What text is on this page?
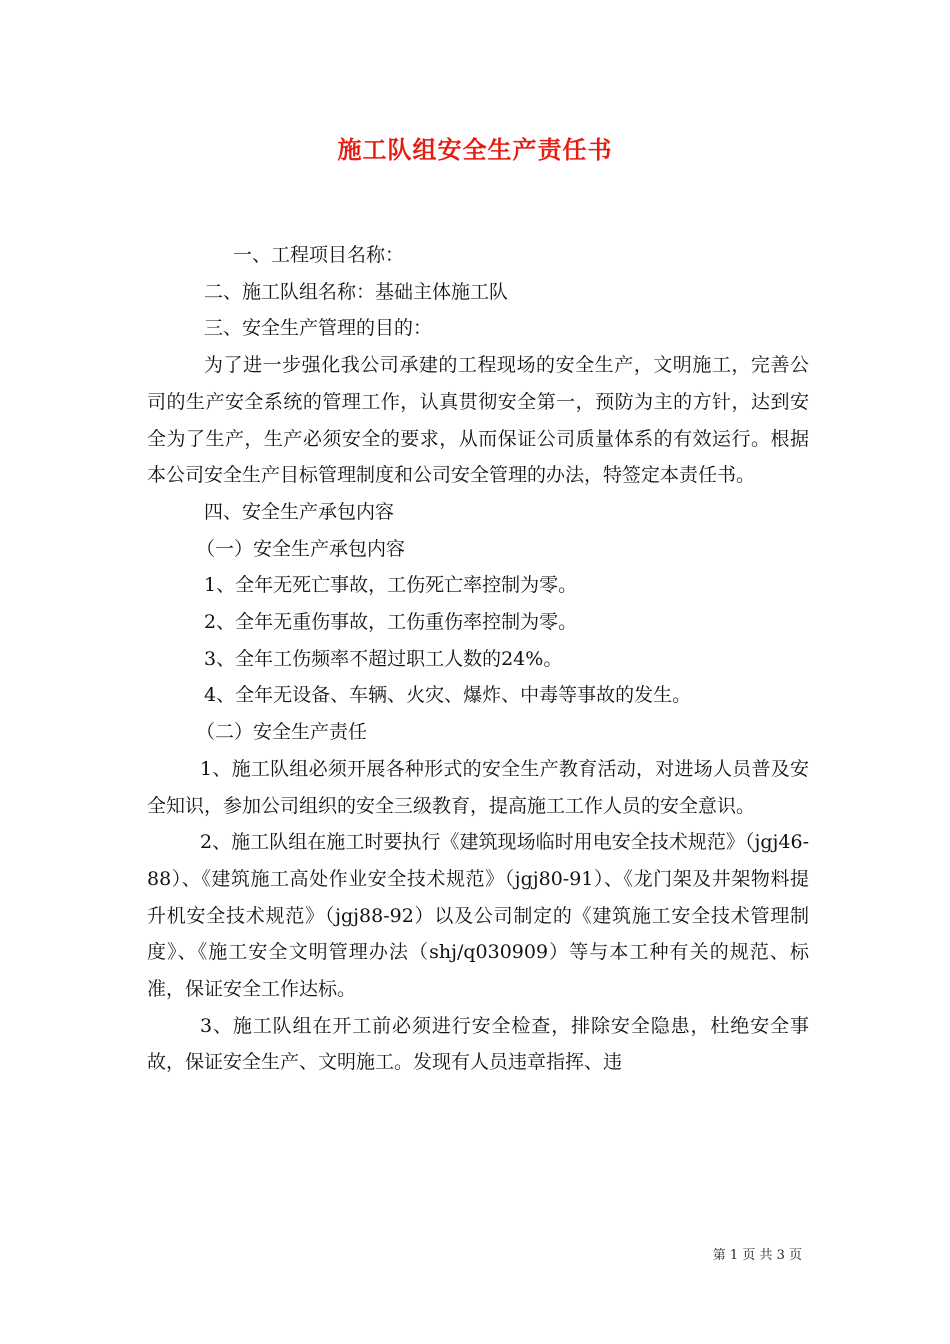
施工队组安全生产责任书

一、工程项目名称：

二、施工队组名称：基础主体施工队

三、安全生产管理的目的：

为了进一步强化我公司承建的工程现场的安全生产，文明施工，完善公司的生产安全系统的管理工作，认真贯彻安全第一，预防为主的方针，达到安全为了生产，生产必须安全的要求，从而保证公司质量体系的有效运行。根据本公司安全生产目标管理制度和公司安全管理的办法，特签定本责任书。

四、安全生产承包内容

（一）安全生产承包内容

1、全年无死亡事故，工伤死亡率控制为零。

2、全年无重伤事故，工伤重伤率控制为零。

3、全年工伤频率不超过职工人数的24%。

4、全年无设备、车辆、火灾、爆炸、中毒等事故的发生。

（二）安全生产责任

1、施工队组必须开展各种形式的安全生产教育活动，对进场人员普及安全知识，参加公司组织的安全三级教育，提高施工工作人员的安全意识。

2、施工队组在施工时要执行《建筑现场临时用电安全技术规范》（jgj46-88）、《建筑施工高处作业安全技术规范》（jgj80-91）、《龙门架及井架物料提升机安全技术规范》（jgj88-92）以及公司制定的《建筑施工安全技术管理制度》、《施工安全文明管理办法（shj/q030909）等与本工种有关的规范、标准，保证安全工作达标。

3、施工队组在开工前必须进行安全检查，排除安全隐患，杜绝安全事故，保证安全生产、文明施工。发现有人员违章指挥、违

第 1 页 共 3 页
